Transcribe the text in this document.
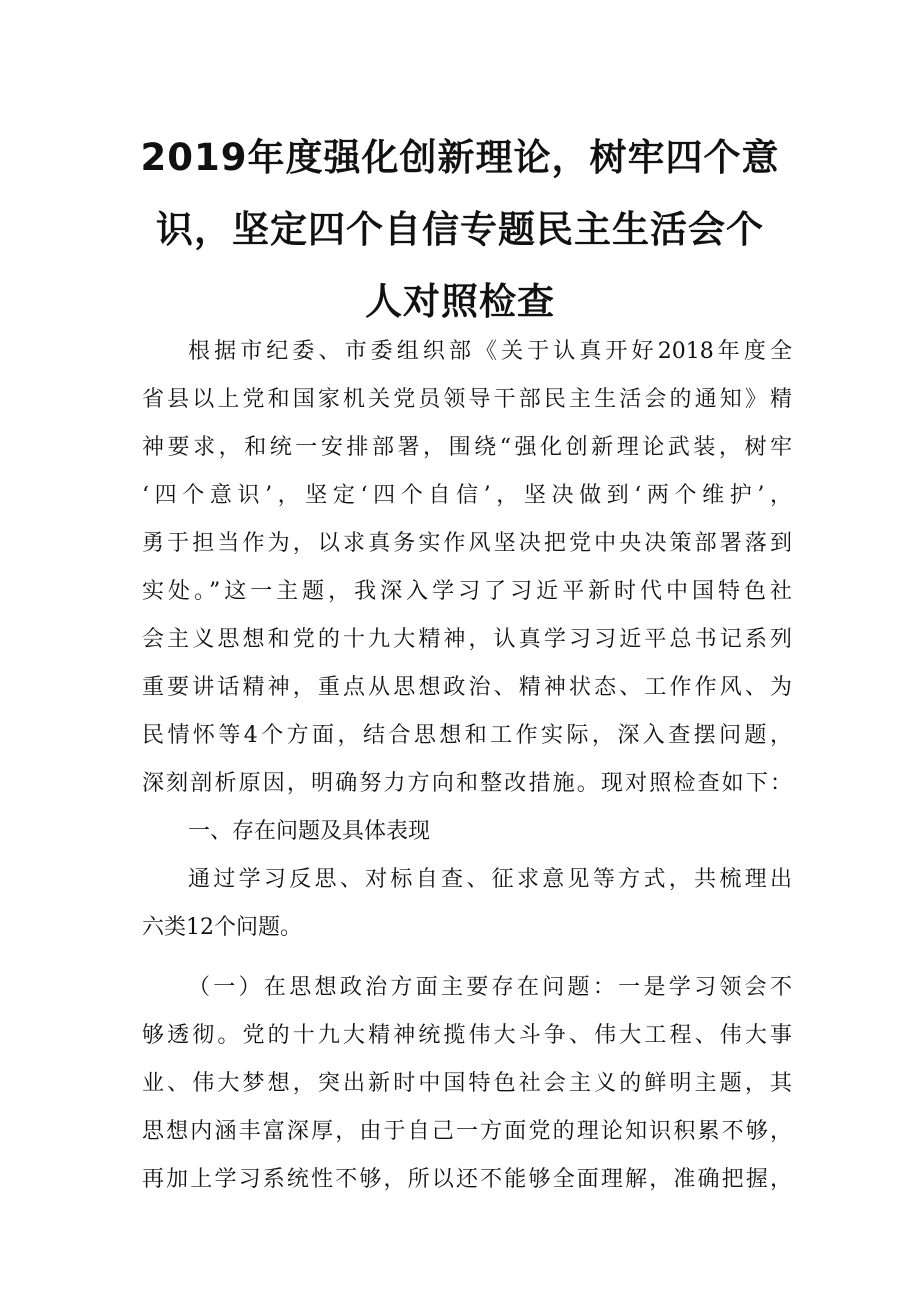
2019年度强化创新理论，树牢四个意
识，坚定四个自信专题民主生活会个
人对照检查
根据市纪委、市委组织部《关于认真开好2018年度全
省县以上党和国家机关党员领导干部民主生活会的通知》精
神要求，和统一安排部署，围绕“强化创新理论武装，树牢
‘四个意识’，坚定‘四个自信’，坚决做到‘两个维护’，
勇于担当作为，以求真务实作风坚决把党中央决策部署落到
实处。”这一主题，我深入学习了习近平新时代中国特色社
会主义思想和党的十九大精神，认真学习习近平总书记系列
重要讲话精神，重点从思想政治、精神状态、工作作风、为
民情怀等4个方面，结合思想和工作实际，深入查摆问题，
深刻剖析原因，明确努力方向和整改措施。现对照检查如下：
一、存在问题及具体表现
通过学习反思、对标自查、征求意见等方式，共梳理出
六类12个问题。
（一）在思想政治方面主要存在问题：一是学习领会不
够透彻。党的十九大精神统揽伟大斗争、伟大工程、伟大事
业、伟大梦想，突出新时中国特色社会主义的鲜明主题，其
思想内涵丰富深厚，由于自己一方面党的理论知识积累不够，
再加上学习系统性不够，所以还不能够全面理解，准确把握，
